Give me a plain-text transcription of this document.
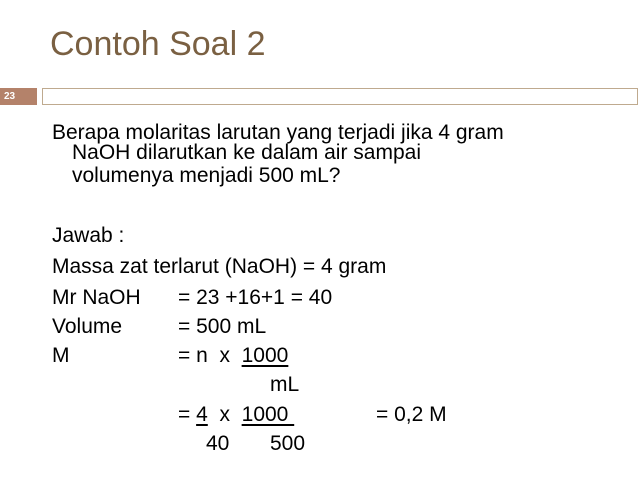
Contoh Soal 2
23
Berapa molaritas larutan yang terjadi jika 4 gram
NaOH dilarutkan ke dalam air sampai
volumenya menjadi 500 mL?
Jawab :
Massa zat terlarut (NaOH) = 4 gram
Mr NaOH = 23 +16+1 = 40
Volume	= 500 mL
M	= n  x  1000
mL
= 4  x  1000	= 0,2 M
40 500
